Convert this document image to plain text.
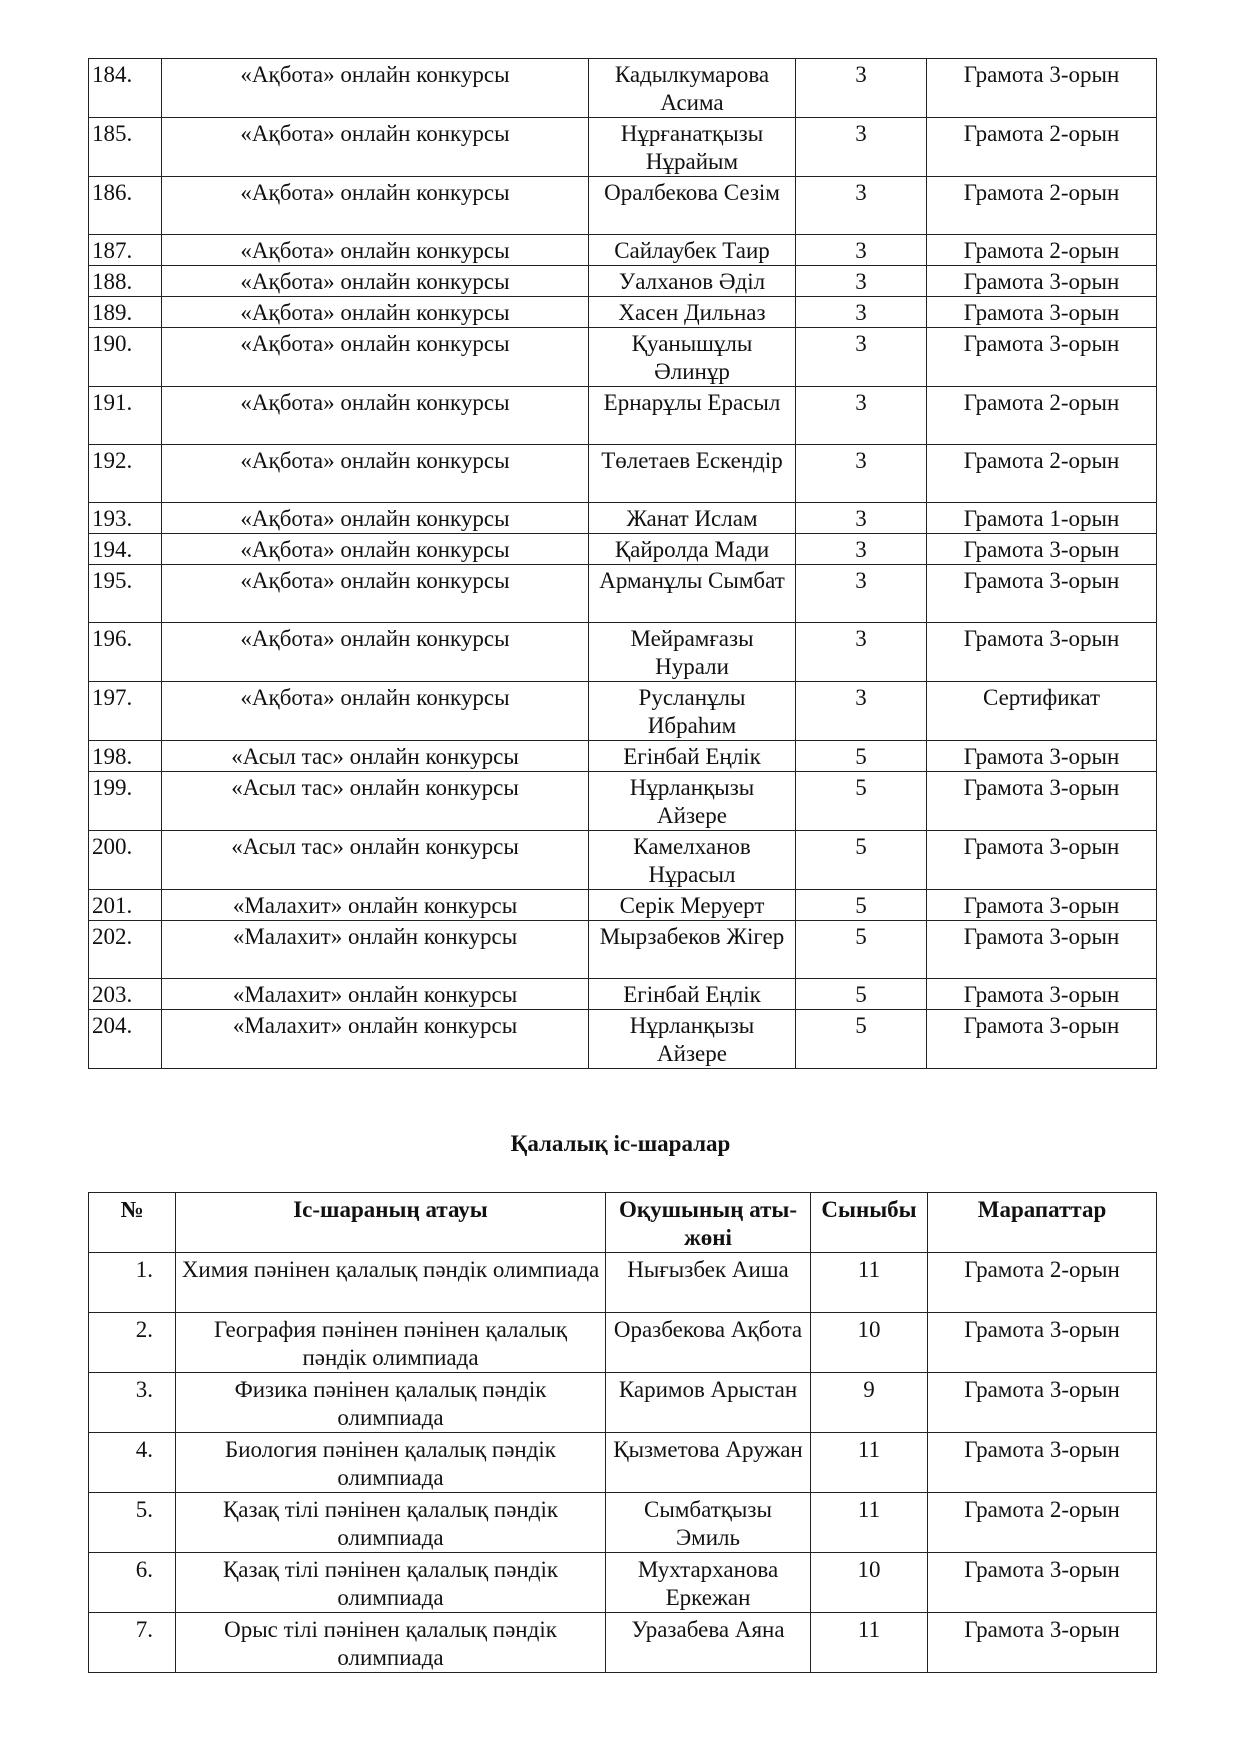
184.	«Ақбота» онлайн конкурсы	Кадылкумарова Асима	3	Грамота 3-орын
185.	«Ақбота» онлайн конкурсы	Нұрғанатқызы Нұрайым	3	Грамота 2-орын
186.	«Ақбота» онлайн конкурсы	Оралбекова Сезім	3	Грамота 2-орын
187.	«Ақбота» онлайн конкурсы	Сайлаубек Таир	3	Грамота 2-орын
188.	«Ақбота» онлайн конкурсы	Уалханов Әділ	3	Грамота 3-орын
189.	«Ақбота» онлайн конкурсы	Хасен Дильназ	3	Грамота 3-орын
190.	«Ақбота» онлайн конкурсы	Қуанышұлы Әлинұр	3	Грамота 3-орын
191.	«Ақбота» онлайн конкурсы	Ернарұлы Ерасыл	3	Грамота 2-орын
192.	«Ақбота» онлайн конкурсы	Төлетаев Ескендір	3	Грамота 2-орын
193.	«Ақбота» онлайн конкурсы	Жанат Ислам	3	Грамота 1-орын
194.	«Ақбота» онлайн конкурсы	Қайролда Мади	3	Грамота 3-орын
195.	«Ақбота» онлайн конкурсы	Арманұлы Сымбат	3	Грамота 3-орын
196.	«Ақбота» онлайн конкурсы	Мейрамғазы Нурали	3	Грамота 3-орын
197.	«Ақбота» онлайн конкурсы	Русланұлы Ибраһим	3	Сертификат
198.	«Асыл тас» онлайн конкурсы	Егінбай Еңлік	5	Грамота 3-орын
199.	«Асыл тас» онлайн конкурсы	Нұрланқызы Айзере	5	Грамота 3-орын
200.	«Асыл тас» онлайн конкурсы	Камелханов Нұрасыл	5	Грамота 3-орын
201.	«Малахит» онлайн конкурсы	Серік Меруерт	5	Грамота 3-орын
202.	«Малахит» онлайн конкурсы	Мырзабеков Жігер	5	Грамота 3-орын
203.	«Малахит» онлайн конкурсы	Егінбай Еңлік	5	Грамота 3-орын
204.	«Малахит» онлайн конкурсы	Нұрланқызы Айзере	5	Грамота 3-орын
Қалалық іс-шаралар
№	Іс-шараның атауы	Оқушының аты-жөні	Сыныбы	Марапаттар
1.	Химия пәнінен қалалық пәндік олимпиада	Нығызбек Аиша	11	Грамота 2-орын
2.	География пәнінен пәнінен қалалық пәндік олимпиада	Оразбекова Ақбота	10	Грамота 3-орын
3.	Физика пәнінен қалалық пәндік олимпиада	Каримов Арыстан	9	Грамота 3-орын
4.	Биология пәнінен қалалық пәндік олимпиада	Қызметова Аружан	11	Грамота 3-орын
5.	Қазақ тілі пәнінен қалалық пәндік олимпиада	Сымбатқызы Эмиль	11	Грамота 2-орын
6.	Қазақ тілі пәнінен қалалық пәндік олимпиада	Мухтарханова Еркежан	10	Грамота 3-орын
7.	Орыс тілі пәнінен қалалық пәндік олимпиада	Уразабева Аяна	11	Грамота 3-орын
